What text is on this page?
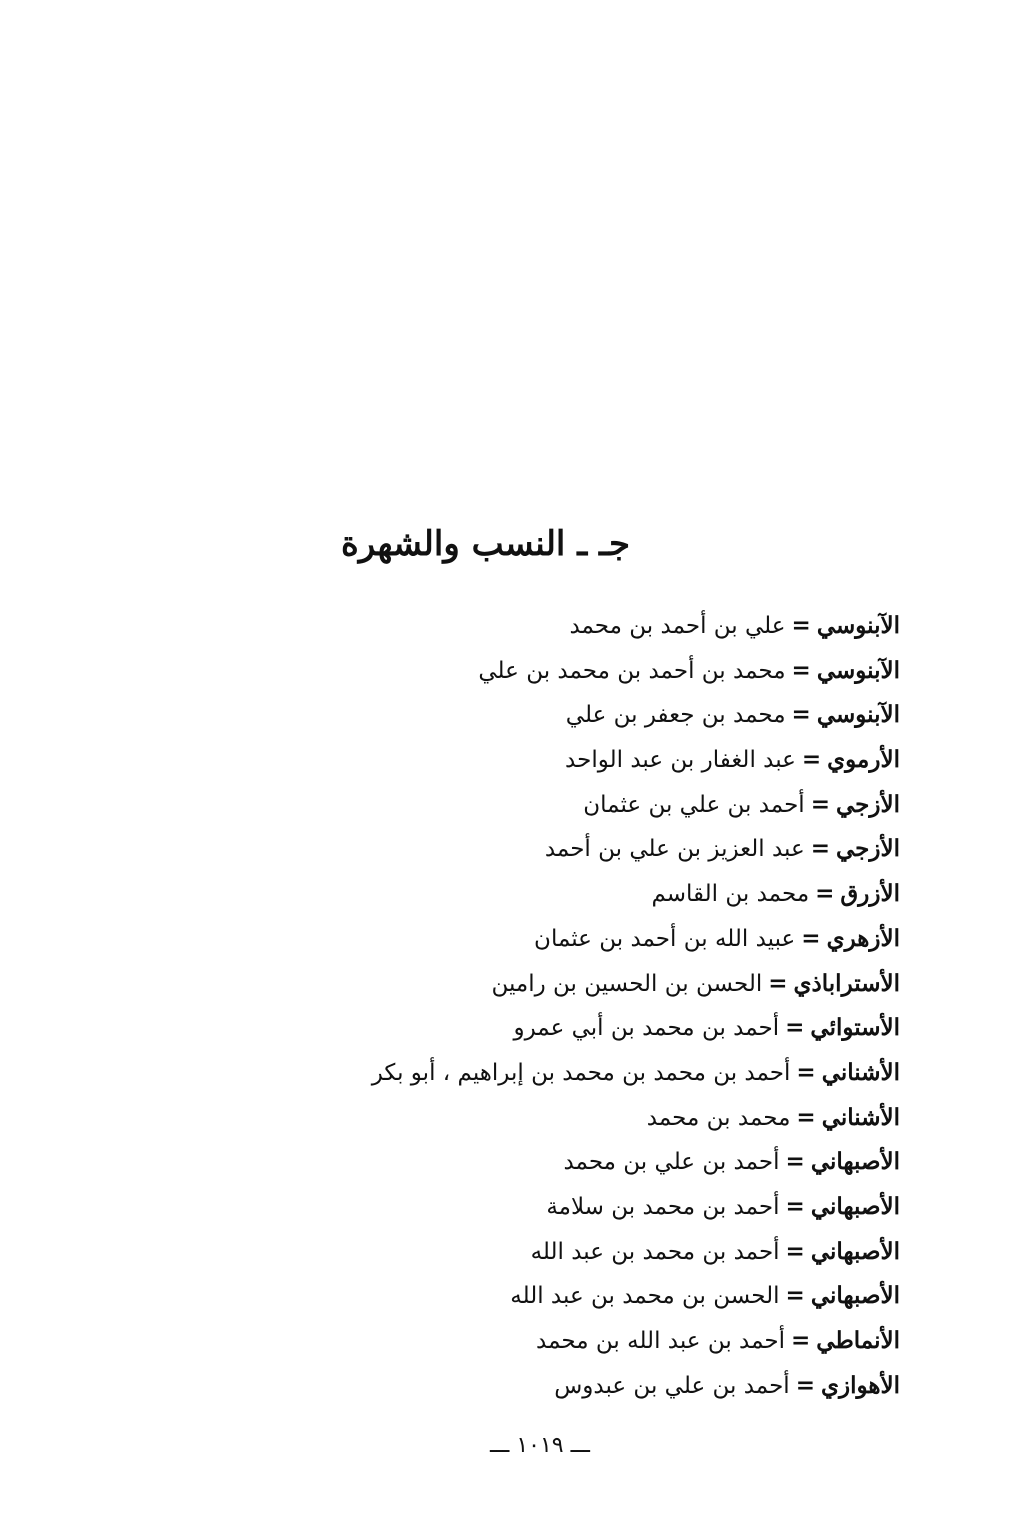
جـ ـ النسب والشهرة
الآبنوسي=علي بن أحمد بن محمد
الآبنوسي=محمد بن أحمد بن محمد بن علي
الآبنوسي=محمد بن جعفر بن علي
الأرموي=عبد الغفار بن عبد الواحد
الأزجي=أحمد بن علي بن عثمان
الأزجي=عبد العزيز بن علي بن أحمد
الأزرق=محمد بن القاسم
الأزهري=عبيد الله بن أحمد بن عثمان
الأستراباذي=الحسن بن الحسين بن رامين
الأستوائي=أحمد بن محمد بن أبي عمرو
الأشناني=أحمد بن محمد بن محمد بن إبراهيم ، أبو بكر
الأشناني=محمد بن محمد
الأصبهاني=أحمد بن علي بن محمد
الأصبهاني=أحمد بن محمد بن سلامة
الأصبهاني=أحمد بن محمد بن عبد الله
الأصبهاني=الحسن بن محمد بن عبد الله
الأنماطي=أحمد بن عبد الله بن محمد
الأهوازي=أحمد بن علي بن عبدوس
ـــ ١٠١٩ ـــ
